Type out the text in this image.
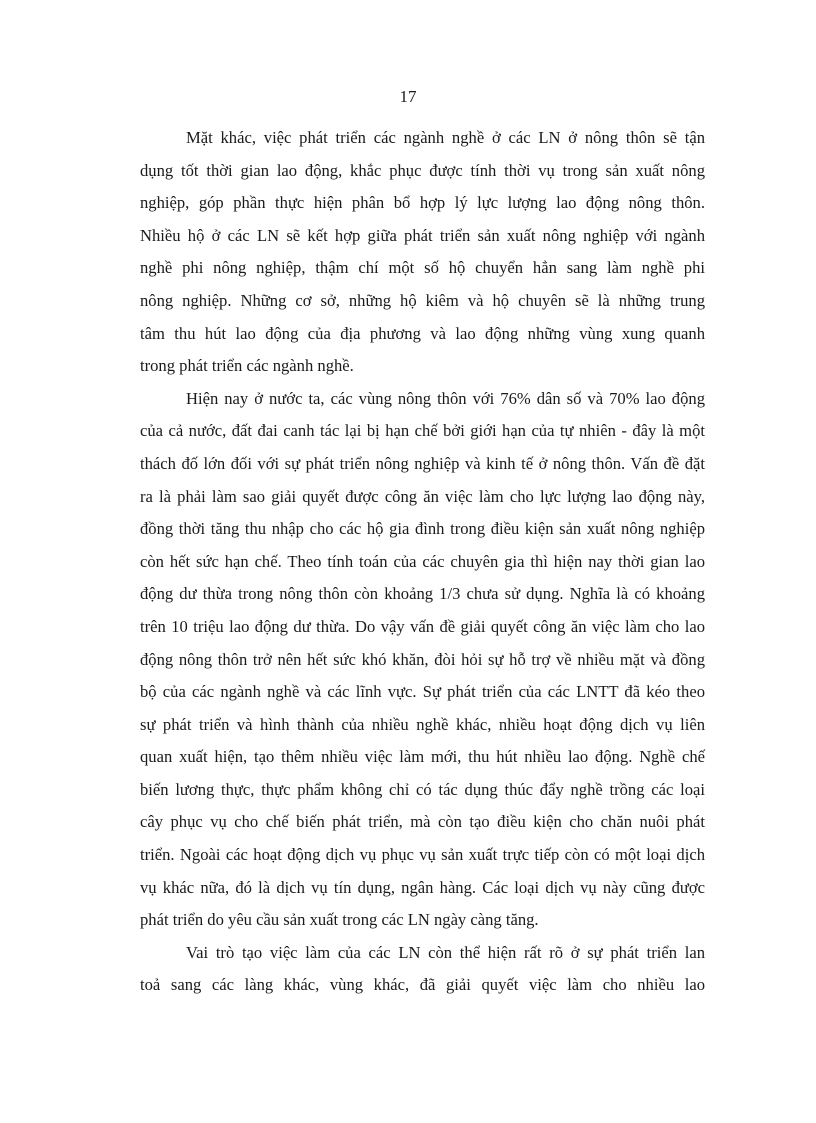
17
Mặt khác, việc phát triển các ngành nghề ở các LN ở nông thôn sẽ tận
dụng tốt thời gian lao động, khắc phục được tính thời vụ trong sản xuất nông
nghiệp, góp phần thực hiện phân bổ hợp lý lực lượng lao động nông thôn.
Nhiều hộ ở các LN sẽ kết hợp giữa phát triển sản xuất nông nghiệp với ngành
nghề phi nông nghiệp, thậm chí một số hộ chuyển hẳn sang làm nghề phi
nông nghiệp. Những cơ sở, những hộ kiêm và hộ chuyên sẽ là những trung
tâm thu hút lao động của địa phương và lao động những vùng xung quanh
trong phát triển các ngành nghề.
Hiện nay ở nước ta, các vùng nông thôn với 76% dân số và 70% lao động
của cả nước, đất đai canh tác lại bị hạn chế bởi giới hạn của tự nhiên - đây là một
thách đố lớn đối với sự phát triển nông nghiệp và kinh tế ở nông thôn. Vấn đề đặt
ra là phải làm sao giải quyết được công ăn việc làm cho lực lượng lao động này,
đồng thời tăng thu nhập cho các hộ gia đình trong điều kiện sản xuất nông nghiệp
còn hết sức hạn chế. Theo tính toán của các chuyên gia thì hiện nay thời gian lao
động dư thừa trong nông thôn còn khoảng 1/3 chưa sử dụng. Nghĩa là có khoảng
trên 10 triệu lao động dư thừa. Do vậy vấn đề giải quyết công ăn việc làm cho lao
động nông thôn trở nên hết sức khó khăn, đòi hỏi sự hỗ trợ về nhiều mặt và đồng
bộ của các ngành nghề và các lĩnh vực. Sự phát triển của các LNTT đã kéo theo
sự phát triển và hình thành của nhiều nghề khác, nhiều hoạt động dịch vụ liên
quan xuất hiện, tạo thêm nhiều việc làm mới, thu hút nhiều lao động. Nghề chế
biến lương thực, thực phẩm không chỉ có tác dụng thúc đẩy nghề trồng các loại
cây phục vụ cho chế biến phát triển, mà còn tạo điều kiện cho chăn nuôi phát
triển. Ngoài các hoạt động dịch vụ phục vụ sản xuất trực tiếp còn có một loại dịch
vụ khác nữa, đó là dịch vụ tín dụng, ngân hàng. Các loại dịch vụ này cũng được
phát triển do yêu cầu sản xuất trong các LN ngày càng tăng.
Vai trò tạo việc làm của các LN còn thể hiện rất rõ ở sự phát triển lan
toả sang các làng khác, vùng khác, đã giải quyết việc làm cho nhiều lao
